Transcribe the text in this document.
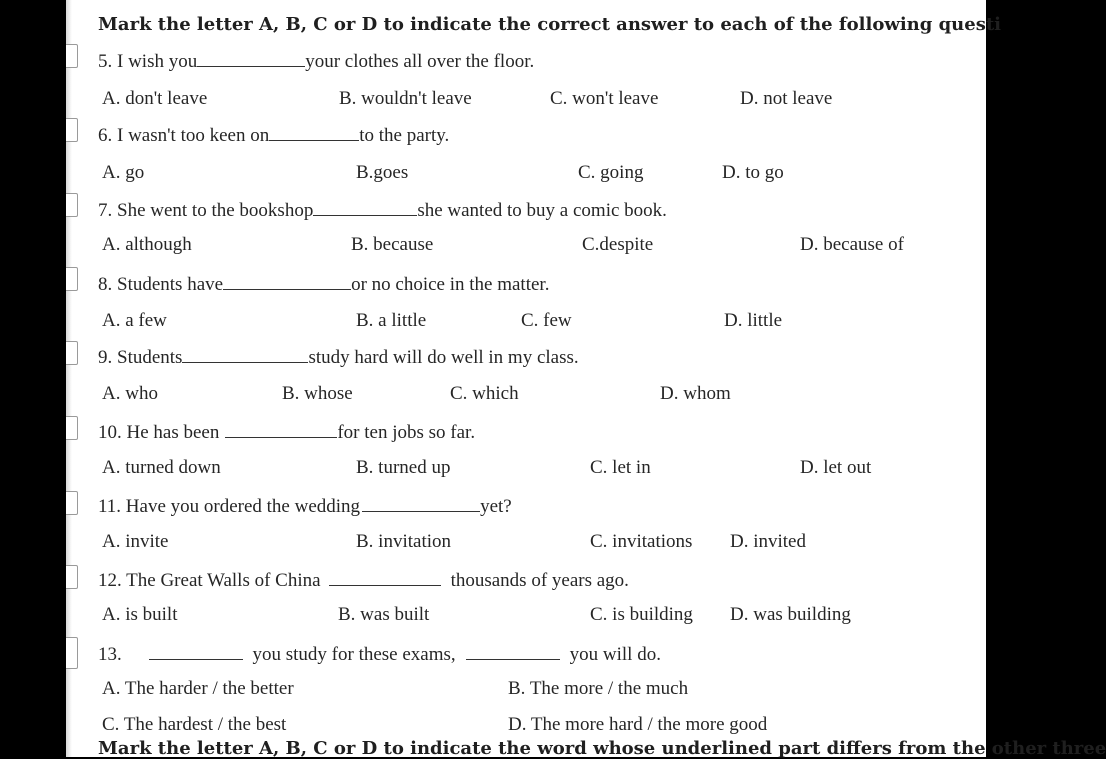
Mark the letter A, B, C or D to indicate the correct answer to each of the following questi
5. I wish you	your clothes all over the floor.
A. don't leave	B. wouldn't leave	C. won't leave	D. not leave
6. I wasn't too keen on	to the party.
A. go	B.goes	C. going	D. to go
7. She went to the bookshop	she wanted to buy a comic book.
A. although	B. because	C.despite	D. because of
8. Students have	or no choice in the matter.
A. a few	B. a little	C. few	D. little
9. Students	study hard will do well in my class.
A. who	B. whose	C. which	D. whom
10. He has been	for ten jobs so far.
A. turned down	B. turned up	C. let in	D. let out
11. Have you ordered the wedding	yet?
A. invite	B. invitation	C. invitations D. invited
12. The Great Walls of China	thousands of years ago.
A. is built	B. was built	C. is building D. was building
13.	you study for these exams,	you will do.
A. The harder / the better	B. The more / the much
C. The hardest / the best	D. The more hard / the more good
Mark the letter A, B, C or D to indicate the word whose underlined part differs from the other three
